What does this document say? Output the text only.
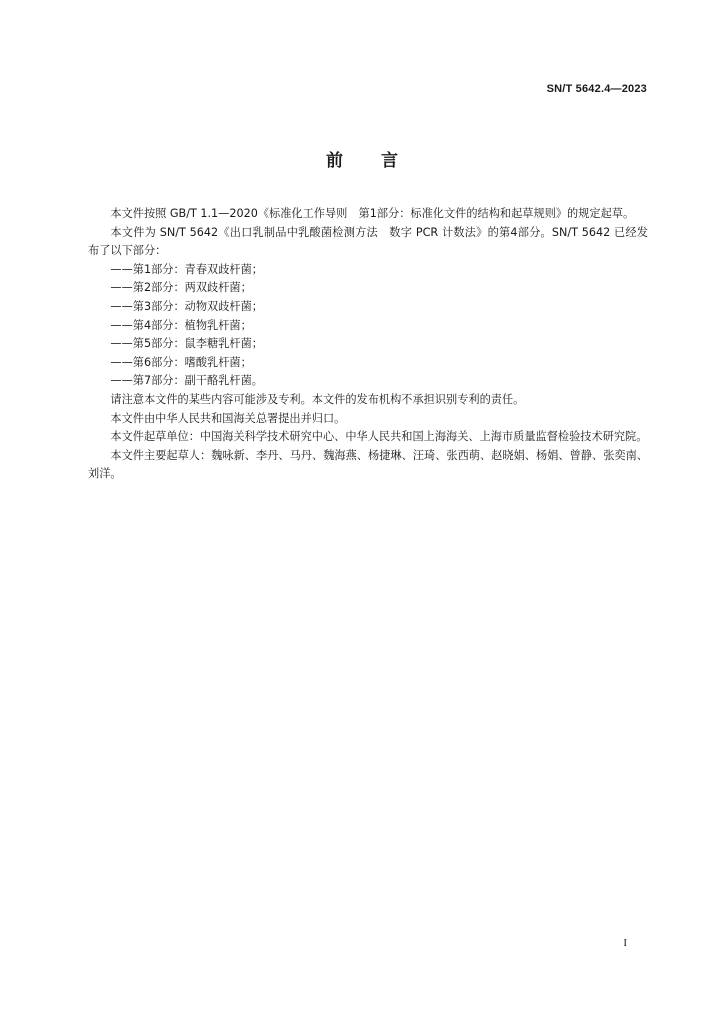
SN/T 5642.4—2023
前 言

本文件按照 GB/T 1.1—2020《标准化工作导则　第1部分：标准化文件的结构和起草规则》的规定起草。

本文件为 SN/T 5642《出口乳制品中乳酸菌检测方法　数字 PCR 计数法》的第4部分。SN/T 5642 已经发布了以下部分：

——第1部分：青春双歧杆菌；
——第2部分：两双歧杆菌；
——第3部分：动物双歧杆菌；
——第4部分：植物乳杆菌；
——第5部分：鼠李糖乳杆菌；
——第6部分：嗜酸乳杆菌；
——第7部分：副干酪乳杆菌。

请注意本文件的某些内容可能涉及专利。本文件的发布机构不承担识别专利的责任。

本文件由中华人民共和国海关总署提出并归口。

本文件起草单位：中国海关科学技术研究中心、中华人民共和国上海海关、上海市质量监督检验技术研究院。

本文件主要起草人：魏咏新、李丹、马丹、魏海燕、杨捷琳、汪琦、张西萌、赵晓娟、杨娟、曾静、张奕南、刘洋。

I
